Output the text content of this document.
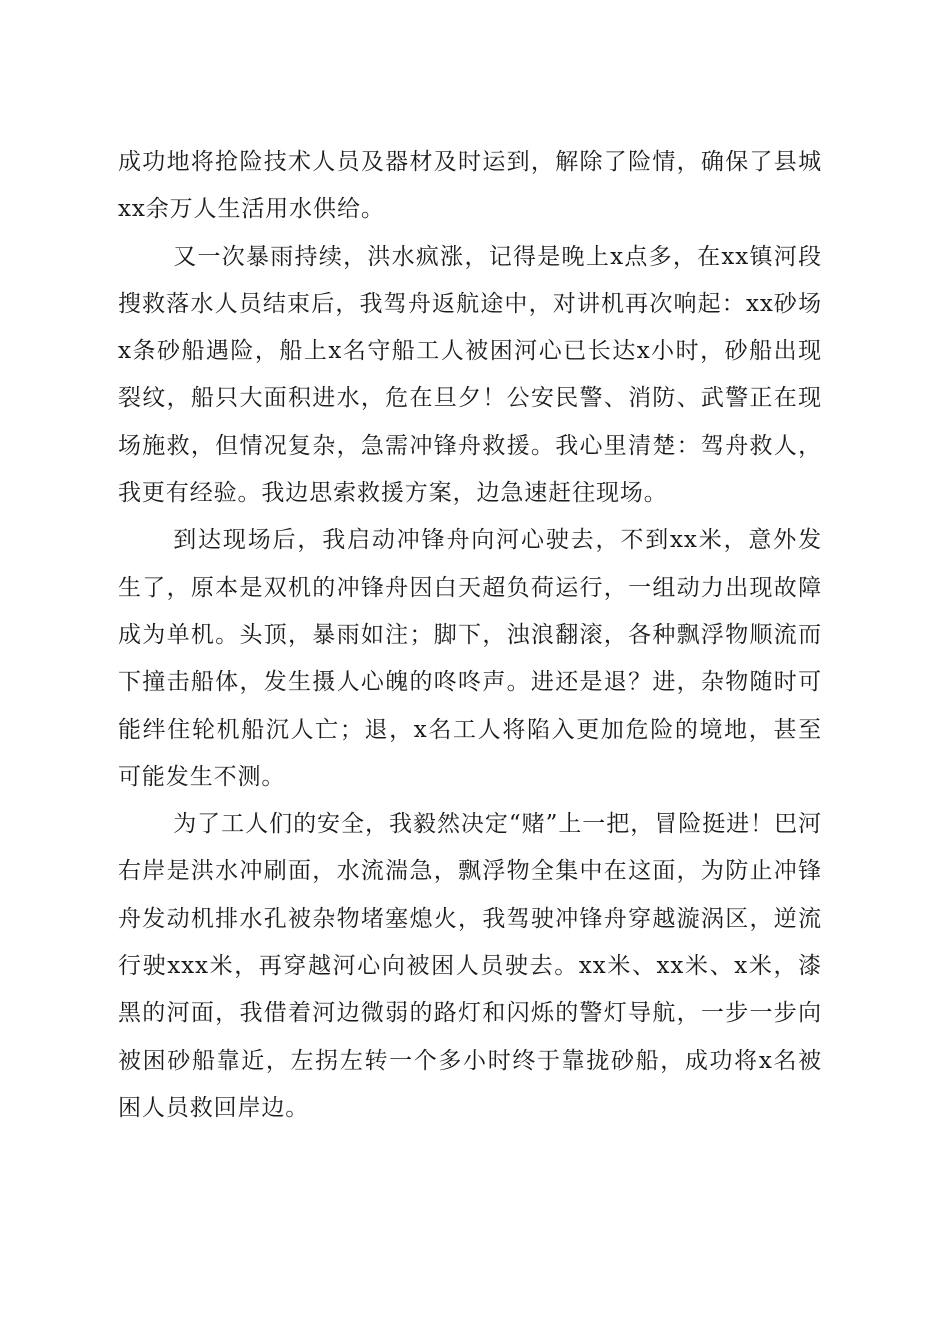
成功地将抢险技术人员及器材及时运到，解除了险情，确保了县城xx余万人生活用水供给。

又一次暴雨持续，洪水疯涨，记得是晚上x点多，在xx镇河段搜救落水人员结束后，我驾舟返航途中，对讲机再次响起：xx砂场x条砂船遇险，船上x名守船工人被困河心已长达x小时，砂船出现裂纹，船只大面积进水，危在旦夕！公安民警、消防、武警正在现场施救，但情况复杂，急需冲锋舟救援。我心里清楚：驾舟救人，我更有经验。我边思索救援方案，边急速赶往现场。

到达现场后，我启动冲锋舟向河心驶去，不到xx米，意外发生了，原本是双机的冲锋舟因白天超负荷运行，一组动力出现故障成为单机。头顶，暴雨如注；脚下，浊浪翻滚，各种飘浮物顺流而下撞击船体，发生摄人心魄的咚咚声。进还是退？进，杂物随时可能绊住轮机船沉人亡；退，x名工人将陷入更加危险的境地，甚至可能发生不测。

为了工人们的安全，我毅然决定“赌”上一把，冒险挺进！巴河右岸是洪水冲刷面，水流湍急，飘浮物全集中在这面，为防止冲锋舟发动机排水孔被杂物堵塞熄火，我驾驶冲锋舟穿越漩涡区，逆流行驶xxx米，再穿越河心向被困人员驶去。xx米、xx米、x米，漆黑的河面，我借着河边微弱的路灯和闪烁的警灯导航，一步一步向被困砂船靠近，左拐左转一个多小时终于靠拢砂船，成功将x名被困人员救回岸边。
